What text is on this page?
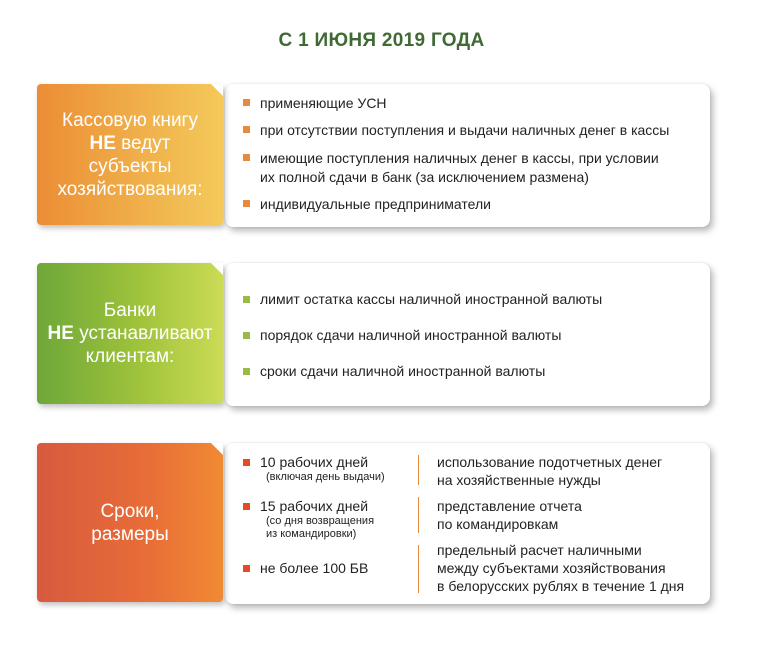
С 1 ИЮНЯ 2019 ГОДА
Кассовую книгу
НЕ ведут
субъекты
хозяйствования:
применяющие УСН
при отсутствии поступления и выдачи наличных денег в кассы
имеющие поступления наличных денег в кассы, при условии
их полной сдачи в банк (за исключением размена)
индивидуальные предприниматели
Банки
НЕ устанавливают
клиентам:
лимит остатка кассы наличной иностранной валюты
порядок сдачи наличной иностранной валюты
сроки сдачи наличной иностранной валюты
Сроки,
размеры
10 рабочих дней
(включая день выдачи)
использование подотчетных денег
на хозяйственные нужды
15 рабочих дней
(со дня возвращения
из командировки)
представление отчета
по командировкам
не более 100 БВ
предельный расчет наличными
между субъектами хозяйствования
в белорусских рублях в течение 1 дня
